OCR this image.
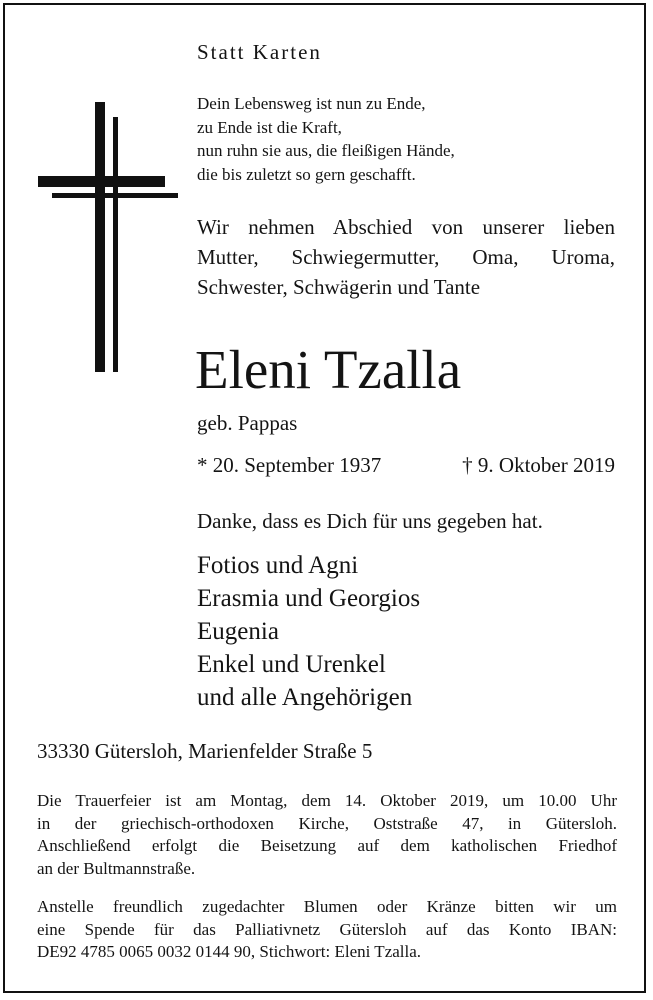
Statt Karten
Dein Lebensweg ist nun zu Ende,
zu Ende ist die Kraft,
nun ruhn sie aus, die fleißigen Hände,
die bis zuletzt so gern geschafft.
Wir nehmen Abschied von unserer lieben
Mutter, Schwiegermutter, Oma, Uroma,
Schwester, Schwägerin und Tante
Eleni Tzalla
geb. Pappas
* 20. September 1937	† 9. Oktober 2019
Danke, dass es Dich für uns gegeben hat.
Fotios und Agni
Erasmia und Georgios
Eugenia
Enkel und Urenkel
und alle Angehörigen
33330 Gütersloh, Marienfelder Straße 5
Die Trauerfeier ist am Montag, dem 14. Oktober 2019, um 10.00 Uhr
in der griechisch-orthodoxen Kirche, Oststraße 47, in Gütersloh.
Anschließend erfolgt die Beisetzung auf dem katholischen Friedhof
an der Bultmannstraße.
Anstelle freundlich zugedachter Blumen oder Kränze bitten wir um
eine Spende für das Palliativnetz Gütersloh auf das Konto IBAN:
DE92 4785 0065 0032 0144 90, Stichwort: Eleni Tzalla.
